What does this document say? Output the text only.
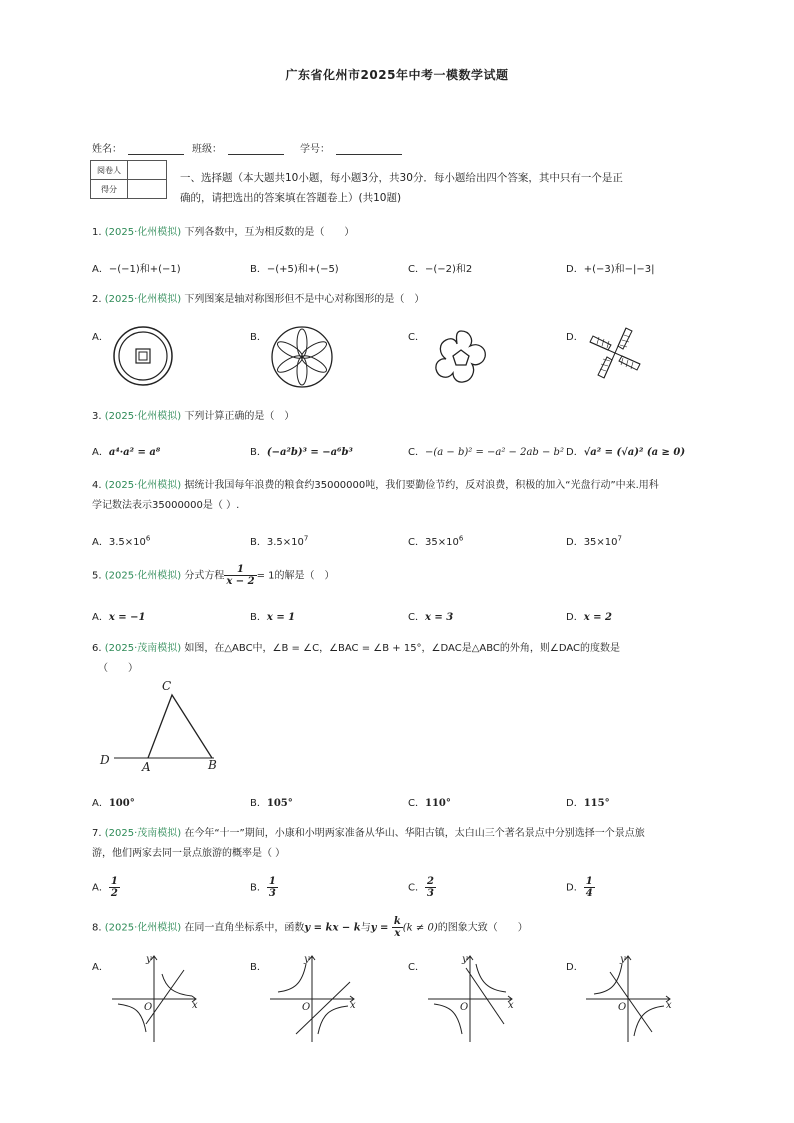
广东省化州市2025年中考一模数学试题
姓名：	班级：	学号：
阅卷人	
得分	
一、选择题（本大题共10小题，每小题3分，共30分．每小题给出四个答案，其中只有一个是正
确的，请把选出的答案填在答题卷上）(共10题)
1. (2025·化州模拟) 下列各数中，互为相反数的是（　　）
A．−(−1)和+(−1)	B．−(+5)和+(−5)	C．−(−2)和2	D．+(−3)和−|−3|
2. (2025·化州模拟) 下列图案是轴对称图形但不是中心对称图形的是（　）
A．	B．	C．	D．
3. (2025·化州模拟) 下列计算正确的是（　）
A．a⁴·a² = a⁸	B．(−a²b)³ = −a⁶b³	C．−(a − b)² = −a² − 2ab − b² D．√a² = (√a)² (a ≥ 0)
4. (2025·化州模拟) 据统计我国每年浪费的粮食约35000000吨，我们要勤俭节约，反对浪费，积极的加入“光盘行动”中来.用科
学记数法表示35000000是（ ）.
A．$3.5\times 10^6$	B．$3.5\times 10^7$	C．$35\times 10^6$	D．$35\times 10^7$
5. (2025·化州模拟) 分式方程 $\frac{1}{x - 2} = 1$的解是（　）
A．x = −1	B．x = 1	C．x = 3	D．x = 2
6. (2025·茂南模拟) 如图，在△ABC中，∠B = ∠C，∠BAC = ∠B + 15°，∠DAC是△ABC的外角，则∠DAC的度数是
（　　）
C
D	A	B
A．100°	B．105°	C．110°	D．115°
7. (2025·茂南模拟) 在今年“十一”期间，小康和小明两家准备从华山、华阳古镇，太白山三个著名景点中分别选择一个景点旅
游，他们两家去同一景点旅游的概率是（ ）
A． $\frac{1}{2}$	B． $\frac{1}{3}$	C． $\frac{2}{3}$	D． $\frac{1}{4}$
8. (2025·化州模拟) 在同一直角坐标系中，函数y = kx − k与$y = \frac{k}{x} (k \ne 0)$的图象大致（　　）
A．	B．	C．	D．
y
x
O
y
x
O
y
x
O
y
x
O
